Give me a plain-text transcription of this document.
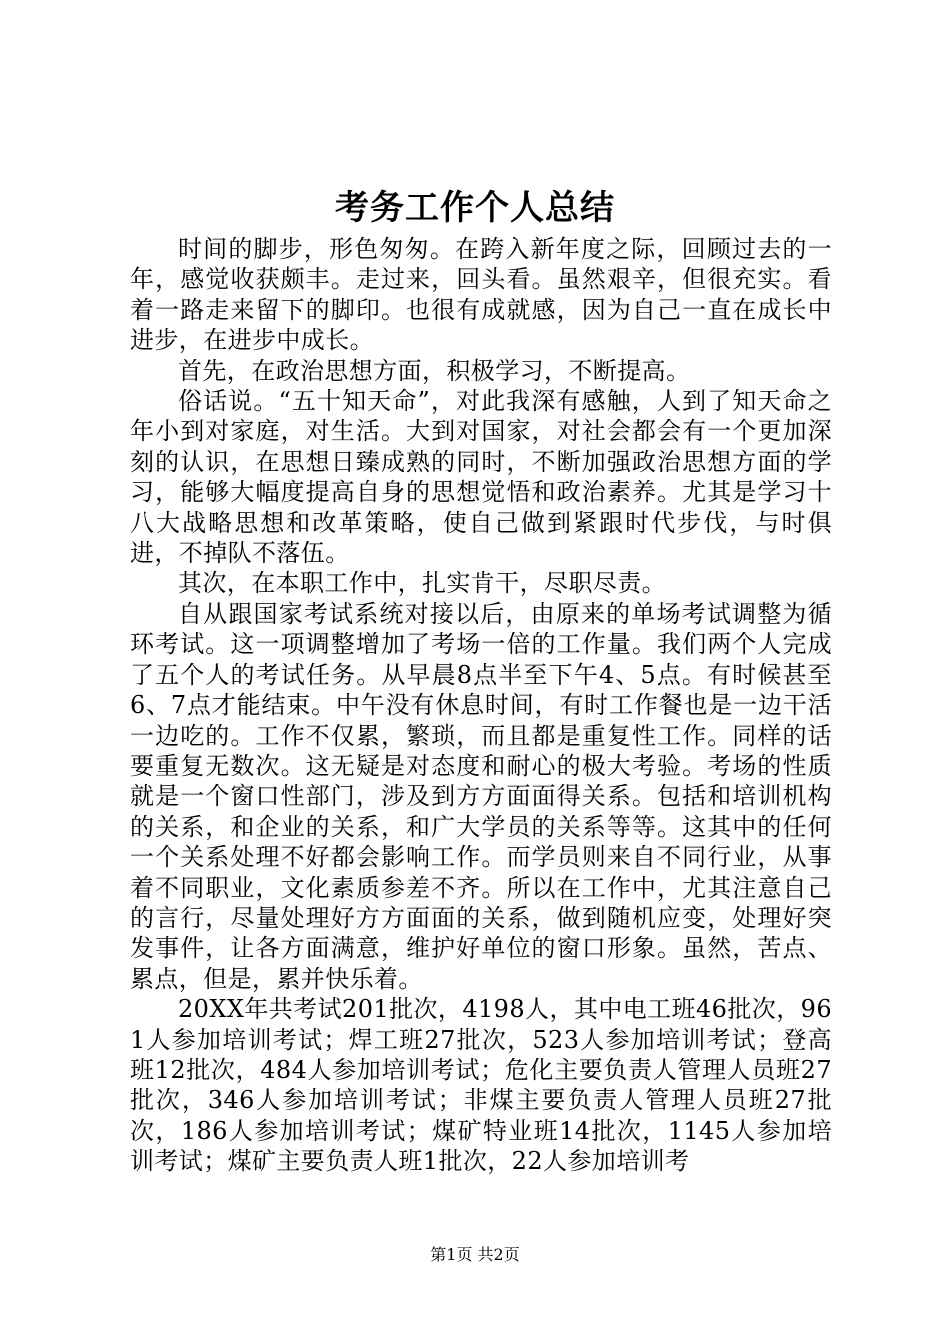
考务工作个人总结

时间的脚步，形色匆匆。在跨入新年度之际，回顾过去的一年，感觉收获颇丰。走过来，回头看。虽然艰辛，但很充实。看着一路走来留下的脚印。也很有成就感，因为自己一直在成长中进步，在进步中成长。

首先，在政治思想方面，积极学习，不断提高。

俗话说。“五十知天命”，对此我深有感触，人到了知天命之年小到对家庭，对生活。大到对国家，对社会都会有一个更加深刻的认识，在思想日臻成熟的同时，不断加强政治思想方面的学习，能够大幅度提高自身的思想觉悟和政治素养。尤其是学习十八大战略思想和改革策略，使自己做到紧跟时代步伐，与时俱进，不掉队不落伍。

其次，在本职工作中，扎实肯干，尽职尽责。

自从跟国家考试系统对接以后，由原来的单场考试调整为循环考试。这一项调整增加了考场一倍的工作量。我们两个人完成了五个人的考试任务。从早晨8点半至下午4、5点。有时候甚至6、7点才能结束。中午没有休息时间，有时工作餐也是一边干活一边吃的。工作不仅累，繁琐，而且都是重复性工作。同样的话要重复无数次。这无疑是对态度和耐心的极大考验。考场的性质就是一个窗口性部门，涉及到方方面面得关系。包括和培训机构的关系，和企业的关系，和广大学员的关系等等。这其中的任何一个关系处理不好都会影响工作。而学员则来自不同行业，从事着不同职业，文化素质参差不齐。所以在工作中，尤其注意自己的言行，尽量处理好方方面面的关系，做到随机应变，处理好突发事件，让各方面满意，维护好单位的窗口形象。虽然，苦点、累点，但是，累并快乐着。

20XX年共考试201批次，4198人，其中电工班46批次，961人参加培训考试；焊工班27批次，523人参加培训考试；登高班12批次，484人参加培训考试；危化主要负责人管理人员班27批次，346人参加培训考试；非煤主要负责人管理人员班27批次，186人参加培训考试；煤矿特业班14批次，1145人参加培训考试；煤矿主要负责人班1批次，22人参加培训考

第1页 共2页
